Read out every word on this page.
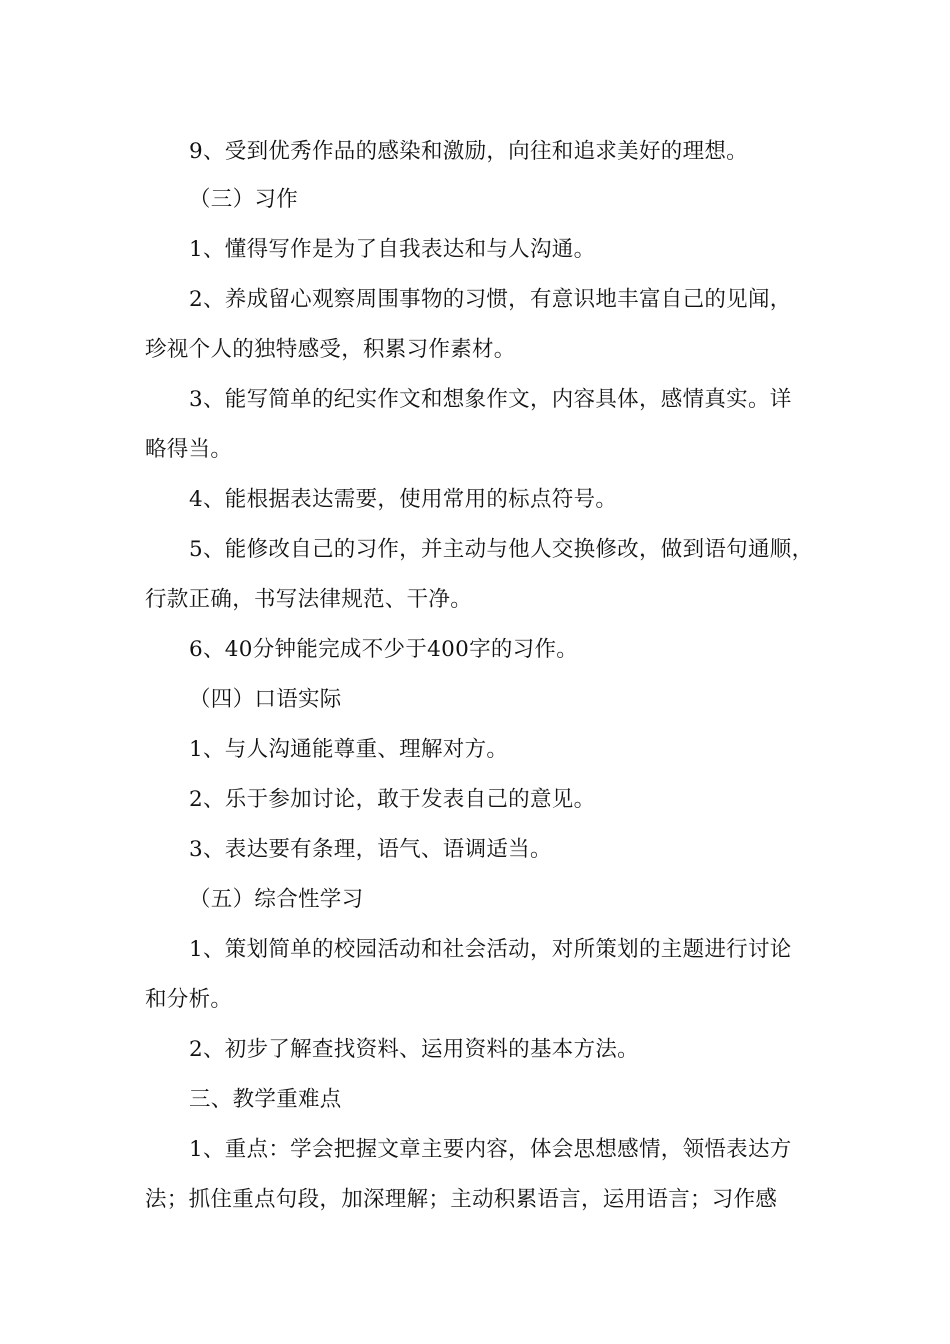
9、受到优秀作品的感染和激励，向往和追求美好的理想。
（三）习作
1、懂得写作是为了自我表达和与人沟通。
2、养成留心观察周围事物的习惯，有意识地丰富自己的见闻，
珍视个人的独特感受，积累习作素材。
3、能写简单的纪实作文和想象作文，内容具体，感情真实。详
略得当。
4、能根据表达需要，使用常用的标点符号。
5、能修改自己的习作，并主动与他人交换修改，做到语句通顺，
行款正确，书写法律规范、干净。
6、40分钟能完成不少于400字的习作。
（四）口语实际
1、与人沟通能尊重、理解对方。
2、乐于参加讨论，敢于发表自己的意见。
3、表达要有条理，语气、语调适当。
（五）综合性学习
1、策划简单的校园活动和社会活动，对所策划的主题进行讨论
和分析。
2、初步了解查找资料、运用资料的基本方法。
三、教学重难点
1、重点：学会把握文章主要内容，体会思想感情，领悟表达方
法；抓住重点句段，加深理解；主动积累语言，运用语言；习作感
